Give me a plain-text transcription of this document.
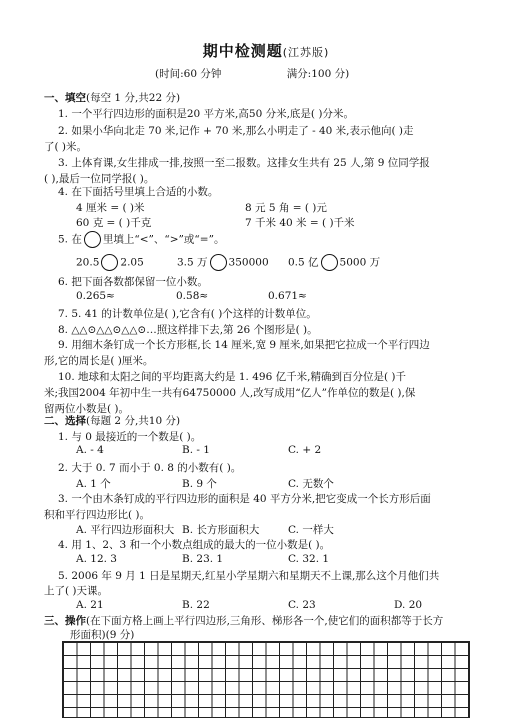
期中检测题(江苏版)
(时间:60 分钟	满分:100 分)
一、填空(每空 1 分,共22 分)
1. 一个平行四边形的面积是20 平方米,高50 分米,底是( )分米。
2. 如果小华向北走 70 米,记作 + 70 米,那么小明走了 - 40 米,表示他向( )走
了( )米。
3. 上体育课,女生排成一排,按照一至二报数。这排女生共有 25 人,第 9 位同学报
( ),最后一位同学报( )。
4. 在下面括号里填上合适的小数。
4 厘米 = ( )米	8 元 5 角 = ( )元
60 克 = ( )千克	7 千米 40 米 = ( )千米
5. 在 里填上“<”、“>”或“=”。
20.5 2.05	3.5 万 350000 0.5 亿 5000 万
6. 把下面各数都保留一位小数。
0.265≈	0.58≈	0.671≈
7. 5. 41 的计数单位是( ),它含有( )个这样的计数单位。
8. △△⊙△△⊙△△⊙…照这样排下去,第 26 个图形是( )。
9. 用细木条钉成一个长方形框,长 14 厘米,宽 9 厘米,如果把它拉成一个平行四边
形,它的周长是( )厘米。
10. 地球和太阳之间的平均距离大约是 1. 496 亿千米,精确到百分位是( )千
米;我国2004 年初中生一共有64750000 人,改写成用“亿人”作单位的数是( ),保
留两位小数是( )。
二、选择(每题 2 分,共10 分)
1. 与 0 最接近的一个数是( )。
A. - 4	B. - 1	C. + 2
2. 大于 0. 7 而小于 0. 8 的小数有( )。
A. 1 个	B. 9 个	C. 无数个
3. 一个由木条钉成的平行四边形的面积是 40 平方分米,把它变成一个长方形后面
积和平行四边形比( )。
A. 平行四边形面积大 B. 长方形面积大	C. 一样大
4. 用 1、2、3 和一个小数点组成的最大的一位小数是( )。
A. 12. 3	B. 23. 1	C. 32. 1
5. 2006 年 9 月 1 日是星期天,红星小学星期六和星期天不上课,那么这个月他们共
上了( )天课。
A. 21	B. 22	C. 23	D. 20
三、操作(在下面方格上画上平行四边形,三角形、梯形各一个,使它们的面积都等于长方
形面积)(9 分)
